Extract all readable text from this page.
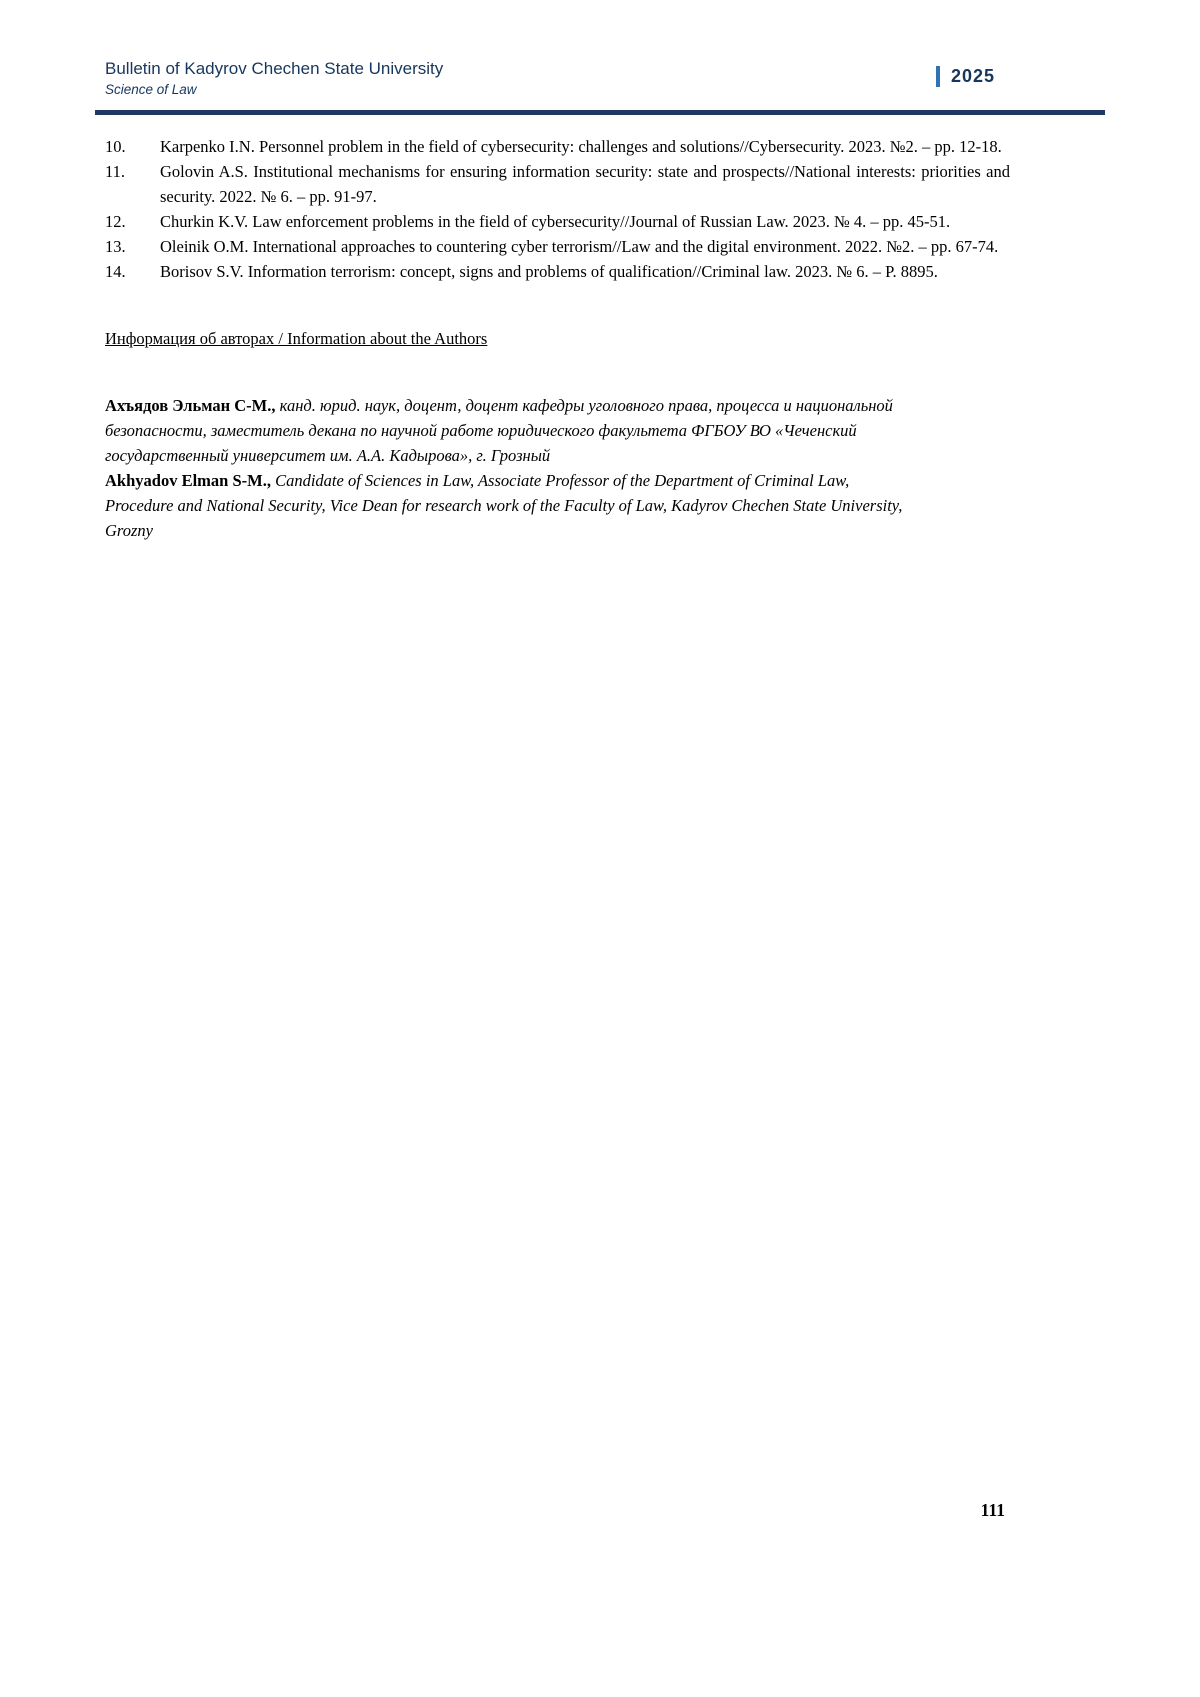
Bulletin of Kadyrov Chechen State University
Science of Law
2025
10.	Karpenko I.N. Personnel problem in the field of cybersecurity: challenges and solutions//Cybersecurity. 2023. №2. – pp. 12-18.
11.	Golovin A.S. Institutional mechanisms for ensuring information security: state and prospects//National interests: priorities and security. 2022. № 6. – pp. 91-97.
12.	Churkin K.V. Law enforcement problems in the field of cybersecurity//Journal of Russian Law. 2023. № 4. – pp. 45-51.
13.	Oleinik O.M. International approaches to countering cyber terrorism//Law and the digital environment. 2022. №2. – pp. 67-74.
14.	Borisov S.V. Information terrorism: concept, signs and problems of qualification//Criminal law. 2023. № 6. – P. 8895.
Информация об авторах / Information about the Authors

Ахъядов Эльман С-М., канд. юрид. наук, доцент, доцент кафедры уголовного права, процесса и национальной безопасности, заместитель декана по научной работе юридического факультета ФГБОУ ВО «Чеченский государственный университет им. А.А. Кадырова», г. Грозный

Akhyadov Elman S-M., Candidate of Sciences in Law, Associate Professor of the Department of Criminal Law, Procedure and National Security, Vice Dean for research work of the Faculty of Law, Kadyrov Chechen State University, Grozny

111
